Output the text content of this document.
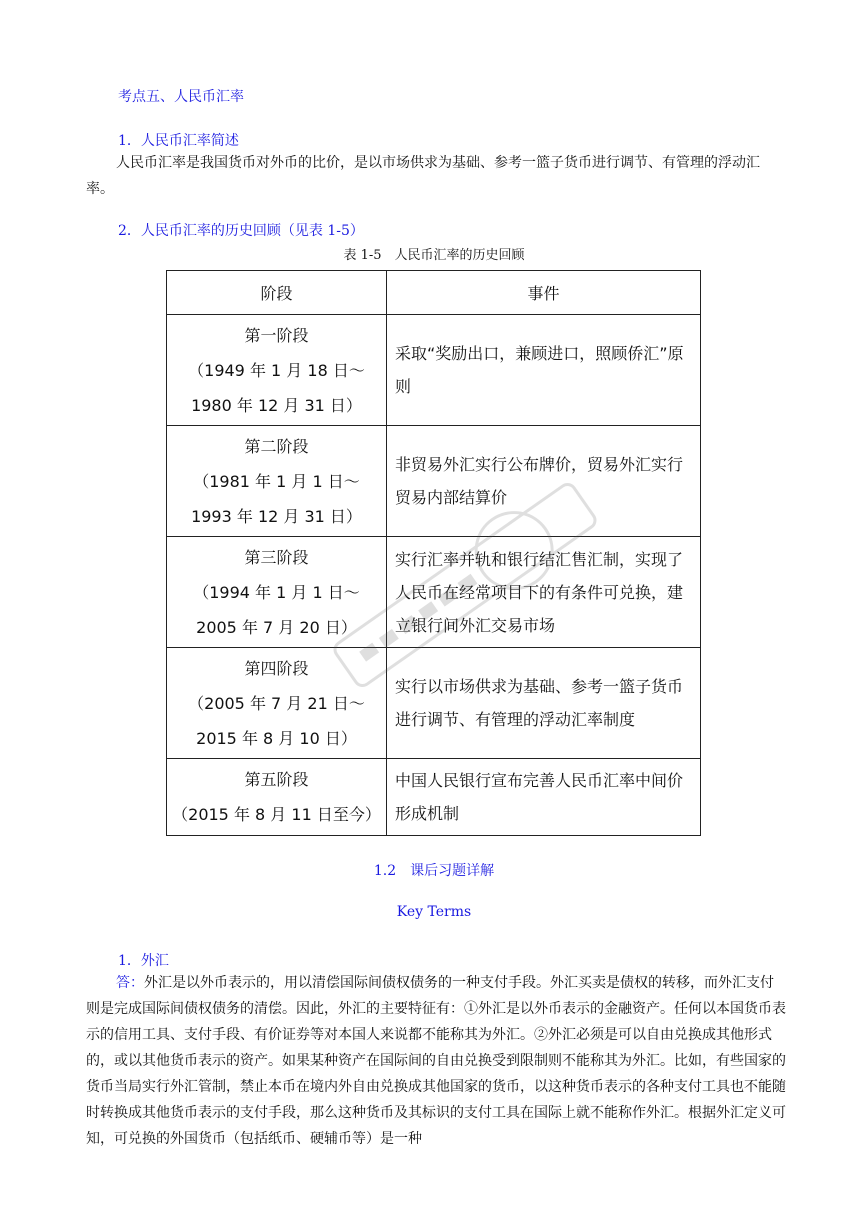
考点五、人民币汇率
1．人民币汇率简述
人民币汇率是我国货币对外币的比价，是以市场供求为基础、参考一篮子货币进行调节、有管理的浮动汇率。
2．人民币汇率的历史回顾（见表 1-5）
表 1-5　人民币汇率的历史回顾
阶段	事件

第一阶段
（1949 年 1 月 18 日～
1980 年 12 月 31 日）	采取“奖励出口，兼顾进口，照顾侨汇”原则

第二阶段
（1981 年 1 月 1 日～
1993 年 12 月 31 日）	非贸易外汇实行公布牌价，贸易外汇实行贸易内部结算价

第三阶段
（1994 年 1 月 1 日～
2005 年 7 月 20 日）	实行汇率并轨和银行结汇售汇制，实现了人民币在经常项目下的有条件可兑换，建立银行间外汇交易市场

第四阶段
（2005 年 7 月 21 日～
2015 年 8 月 10 日）	实行以市场供求为基础、参考一篮子货币进行调节、有管理的浮动汇率制度

第五阶段
（2015 年 8 月 11 日至今）	中国人民银行宣布完善人民币汇率中间价形成机制
1.2　课后习题详解
Key Terms
1．外汇
答：外汇是以外币表示的，用以清偿国际间债权债务的一种支付手段。外汇买卖是债权的转移，而外汇支付则是完成国际间债权债务的清偿。因此，外汇的主要特征有：①外汇是以外币表示的金融资产。任何以本国货币表示的信用工具、支付手段、有价证券等对本国人来说都不能称其为外汇。②外汇必须是可以自由兑换成其他形式的，或以其他货币表示的资产。如果某种资产在国际间的自由兑换受到限制则不能称其为外汇。比如，有些国家的货币当局实行外汇管制，禁止本币在境内外自由兑换成其他国家的货币，以这种货币表示的各种支付工具也不能随时转换成其他货币表示的支付手段，那么这种货币及其标识的支付工具在国际上就不能称作外汇。根据外汇定义可知，可兑换的外国货币（包括纸币、硬辅币等）是一种
